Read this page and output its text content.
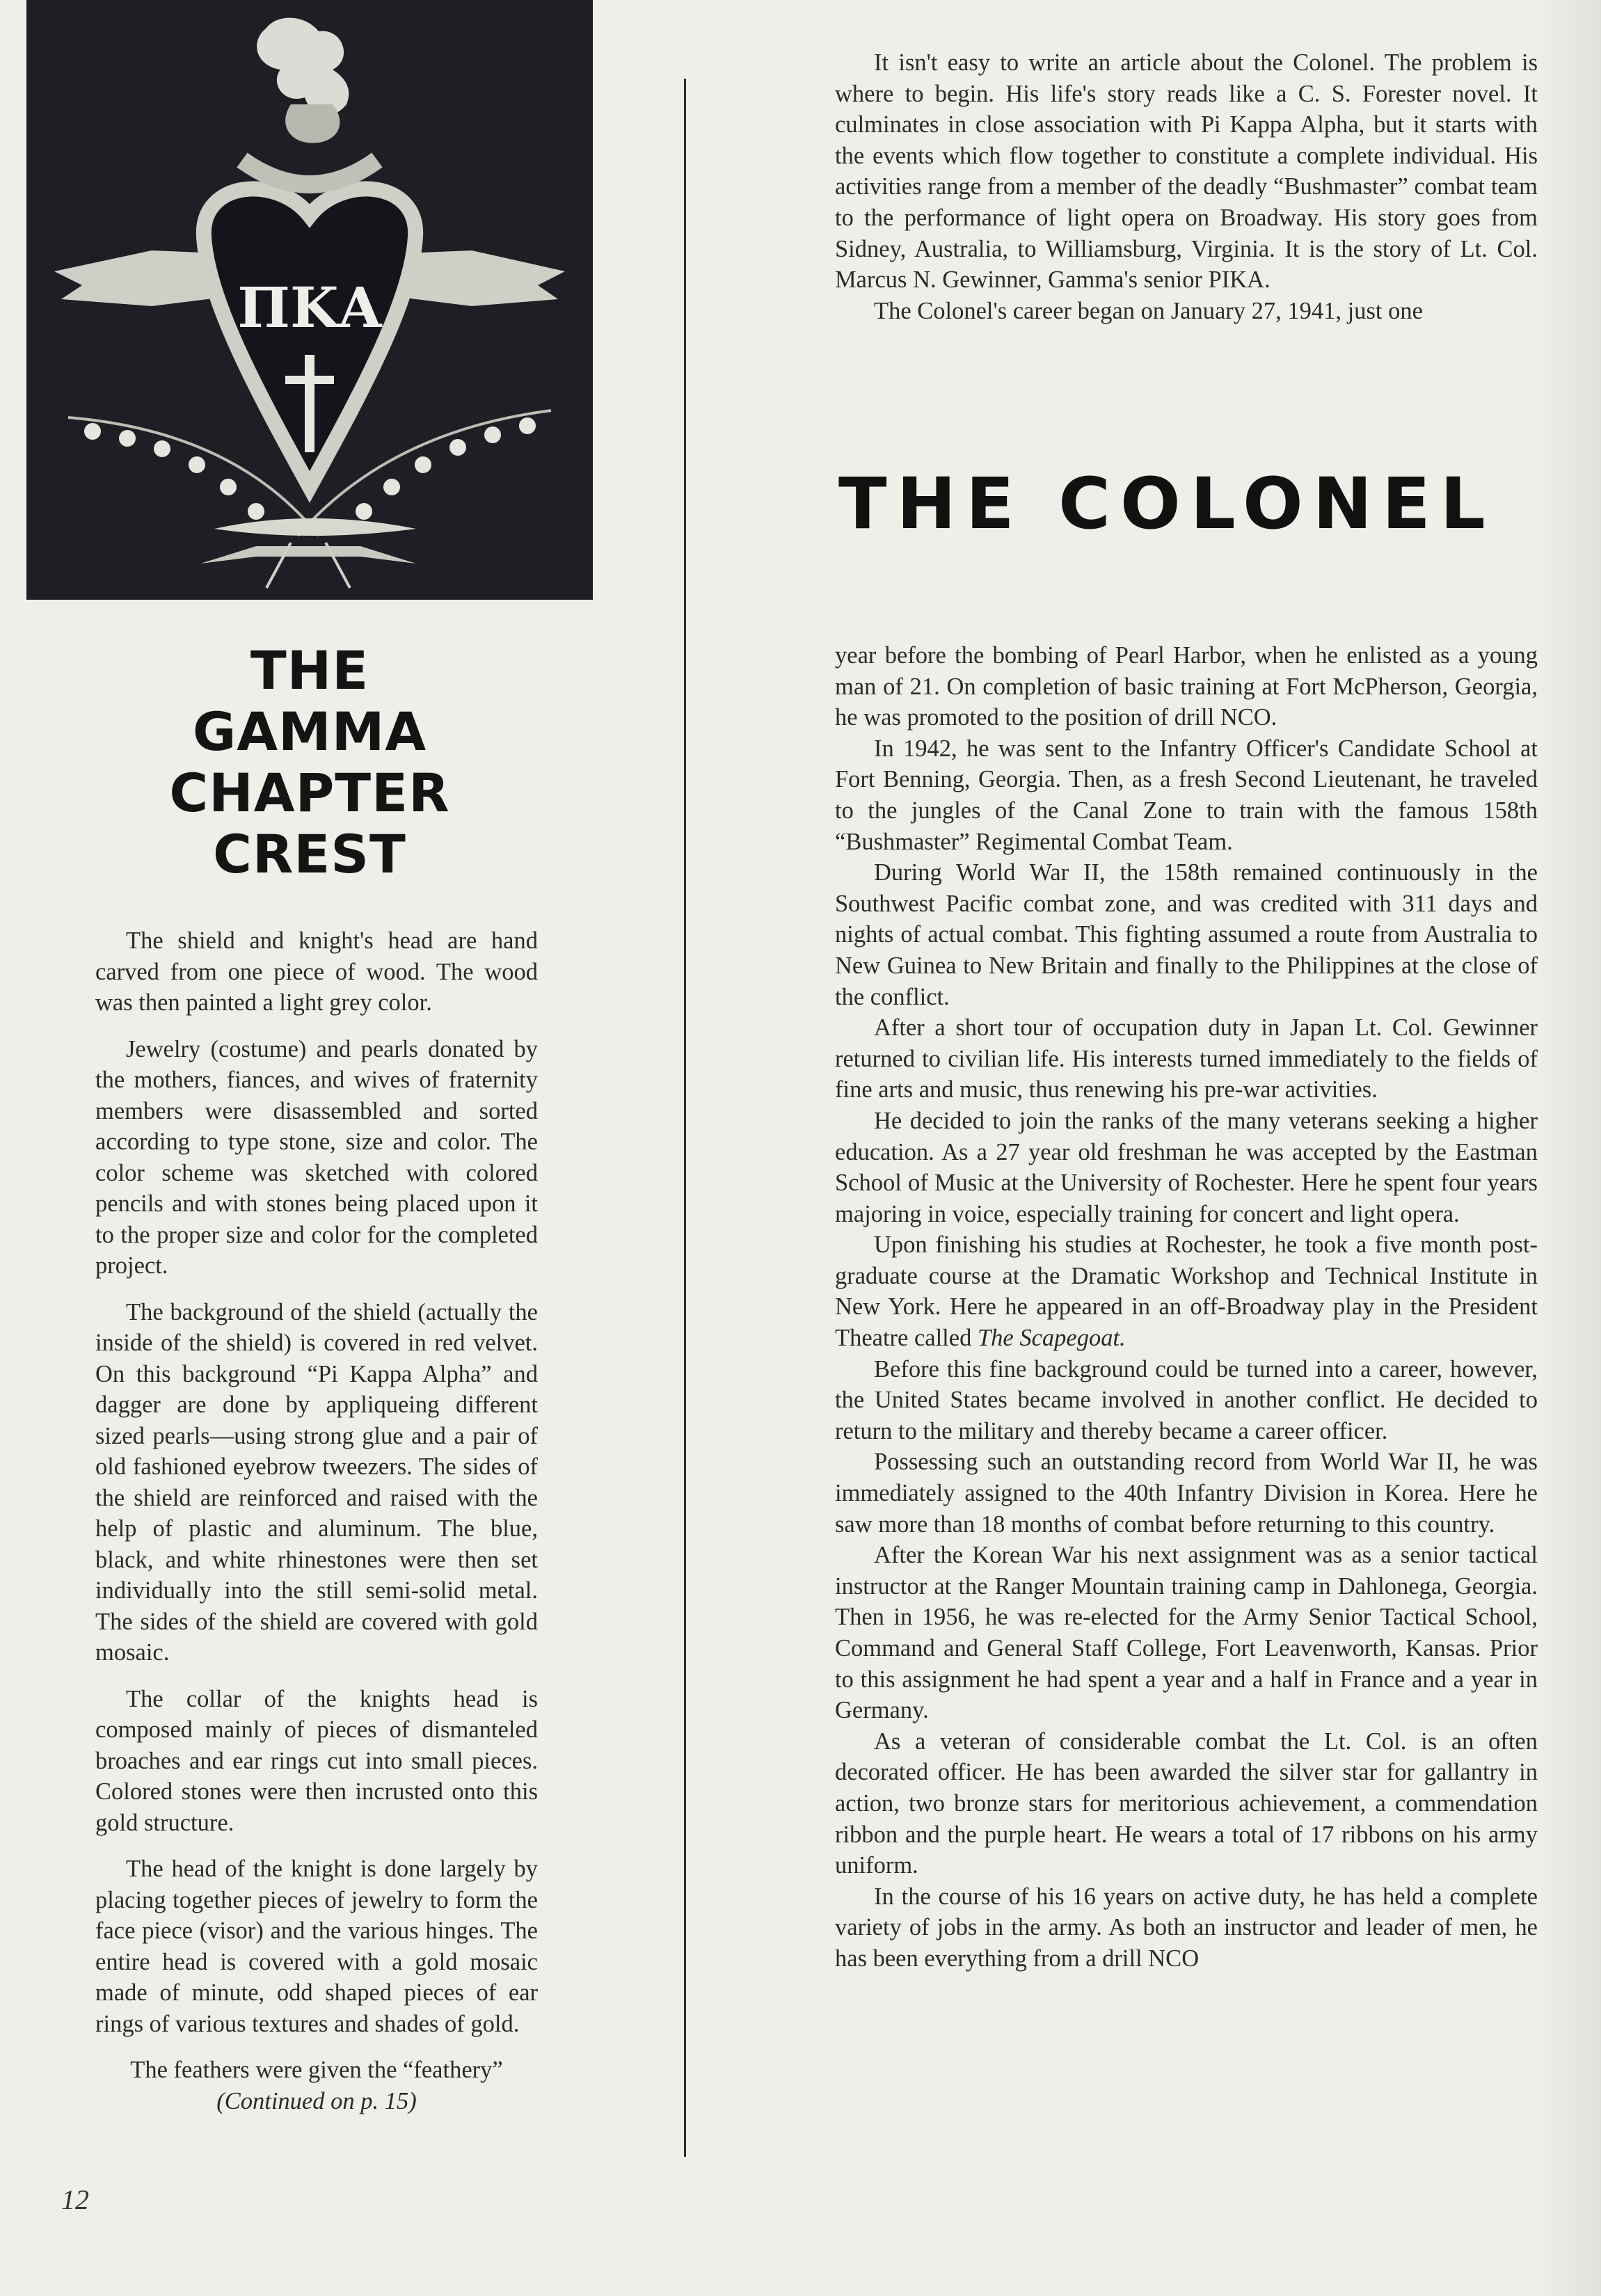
ΠΚΑ
THE
GAMMA
CHAPTER
CREST

The shield and knight's head are hand carved from one piece of wood. The wood was then painted a light grey color.

Jewelry (costume) and pearls donated by the mothers, fiances, and wives of fraternity members were disassembled and sorted according to type stone, size and color. The color scheme was sketched with colored pencils and with stones being placed upon it to the proper size and color for the completed project.

The background of the shield (actually the inside of the shield) is covered in red velvet. On this background “Pi Kappa Alpha” and dagger are done by appliqueing different sized pearls—using strong glue and a pair of old fashioned eyebrow tweezers. The sides of the shield are reinforced and raised with the help of plastic and aluminum. The blue, black, and white rhinestones were then set individually into the still semi-solid metal. The sides of the shield are covered with gold mosaic.

The collar of the knights head is composed mainly of pieces of dismanteled broaches and ear rings cut into small pieces. Colored stones were then incrusted onto this gold structure.

The head of the knight is done largely by placing together pieces of jewelry to form the face piece (visor) and the various hinges. The entire head is covered with a gold mosaic made of minute, odd shaped pieces of ear rings of various textures and shades of gold.

The feathers were given the “feathery”

(Continued on p. 15)
12

It isn't easy to write an article about the Colonel. The problem is where to begin. His life's story reads like a C. S. Forester novel. It culminates in close association with Pi Kappa Alpha, but it starts with the events which flow together to constitute a complete individual. His activities range from a member of the deadly “Bushmaster” combat team to the performance of light opera on Broadway. His story goes from Sidney, Australia, to Williamsburg, Virginia. It is the story of Lt. Col. Marcus N. Gewinner, Gamma's senior PIKA.

The Colonel's career began on January 27, 1941, just one

THE COLONEL

year before the bombing of Pearl Harbor, when he enlisted as a young man of 21. On completion of basic training at Fort McPherson, Georgia, he was promoted to the position of drill NCO.

In 1942, he was sent to the Infantry Officer's Candidate School at Fort Benning, Georgia. Then, as a fresh Second Lieutenant, he traveled to the jungles of the Canal Zone to train with the famous 158th “Bushmaster” Regimental Combat Team.

During World War II, the 158th remained continuously in the Southwest Pacific combat zone, and was credited with 311 days and nights of actual combat. This fighting assumed a route from Australia to New Guinea to New Britain and finally to the Philippines at the close of the conflict.

After a short tour of occupation duty in Japan Lt. Col. Gewinner returned to civilian life. His interests turned immediately to the fields of fine arts and music, thus renewing his pre-war activities.

He decided to join the ranks of the many veterans seeking a higher education. As a 27 year old freshman he was accepted by the Eastman School of Music at the University of Rochester. Here he spent four years majoring in voice, especially training for concert and light opera.

Upon finishing his studies at Rochester, he took a five month post-graduate course at the Dramatic Workshop and Technical Institute in New York. Here he appeared in an off-Broadway play in the President Theatre called The Scapegoat.

Before this fine background could be turned into a career, however, the United States became involved in another conflict. He decided to return to the military and thereby became a career officer.

Possessing such an outstanding record from World War II, he was immediately assigned to the 40th Infantry Division in Korea. Here he saw more than 18 months of combat before returning to this country.

After the Korean War his next assignment was as a senior tactical instructor at the Ranger Mountain training camp in Dahlonega, Georgia. Then in 1956, he was re-elected for the Army Senior Tactical School, Command and General Staff College, Fort Leavenworth, Kansas. Prior to this assignment he had spent a year and a half in France and a year in Germany.

As a veteran of considerable combat the Lt. Col. is an often decorated officer. He has been awarded the silver star for gallantry in action, two bronze stars for meritorious achievement, a commendation ribbon and the purple heart. He wears a total of 17 ribbons on his army uniform.

In the course of his 16 years on active duty, he has held a complete variety of jobs in the army. As both an instructor and leader of men, he has been everything from a drill NCO
